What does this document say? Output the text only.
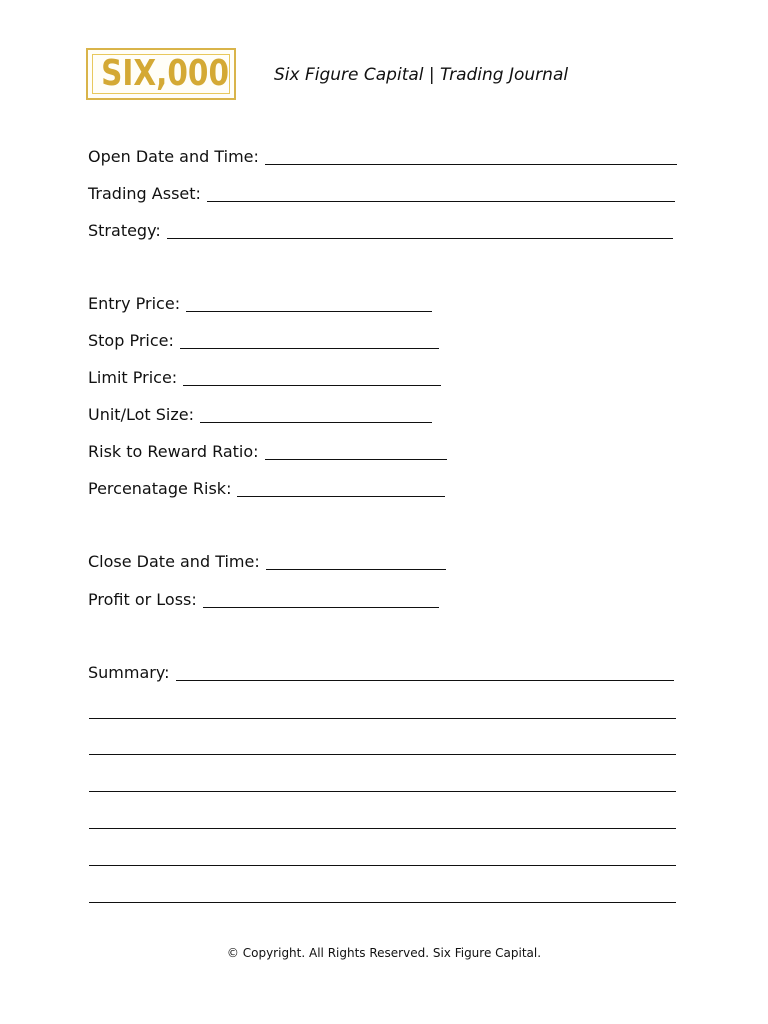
SIX,000	Six Figure Capital | Trading Journal
Open Date and Time:
Trading Asset:
Strategy:
Entry Price:
Stop Price:
Limit Price:
Unit/Lot Size:
Risk to Reward Ratio:
Percenatage Risk:
Close Date and Time:
Profit or Loss:
Summary:
© Copyright. All Rights Reserved. Six Figure Capital.
